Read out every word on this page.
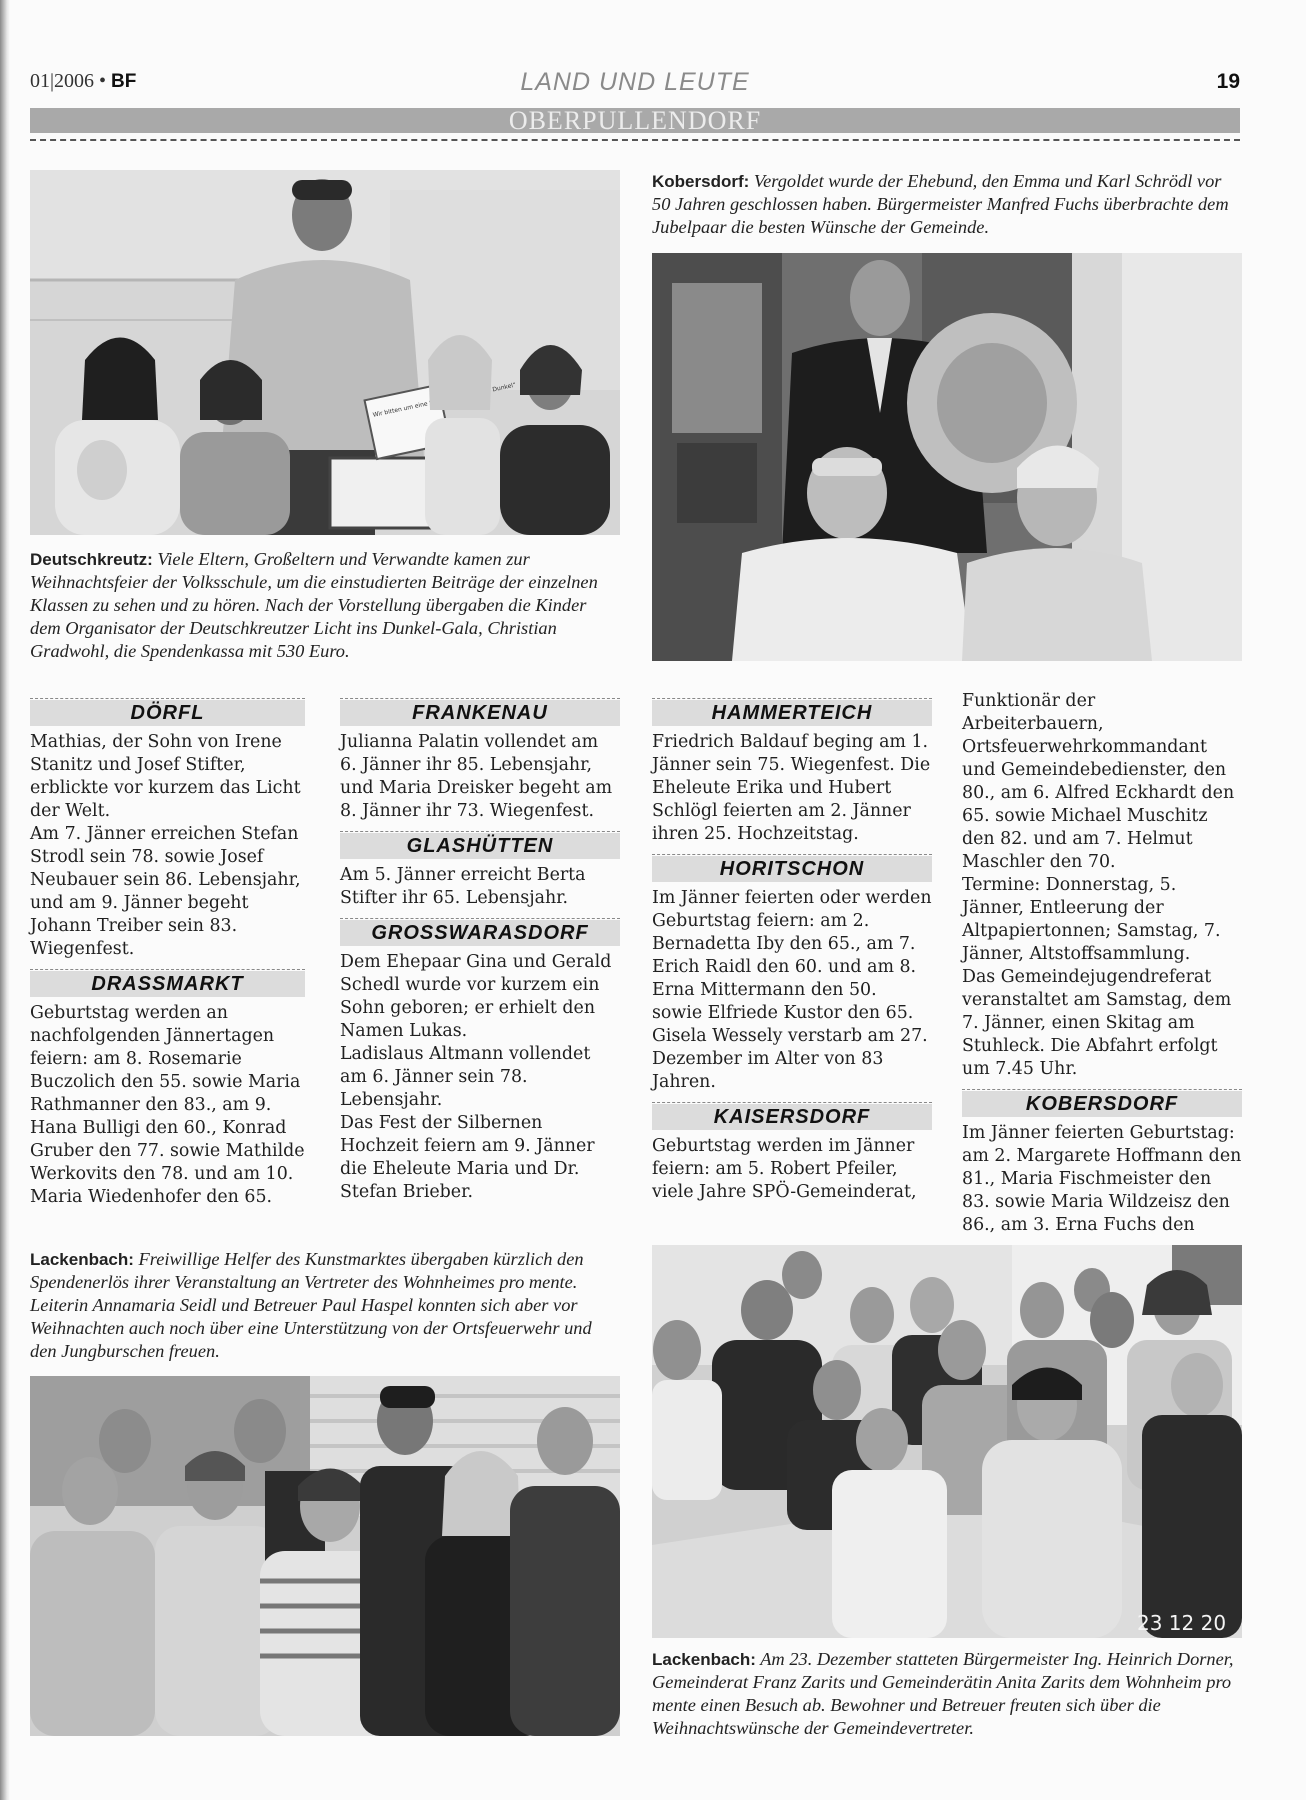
01|2006 • BF	LAND UND LEUTE	19
OBERPULLENDORF
Wir bitten um eine Dunkel“
Kobersdorf: Vergoldet wurde der Ehebund, den Emma und Karl Schrödl vor 50 Jahren geschlossen haben. Bürgermeister Manfred Fuchs überbrachte dem Jubelpaar die besten Wünsche der Gemeinde.
Deutschkreutz: Viele Eltern, Großeltern und Verwandte kamen zur Weihnachtsfeier der Volksschule, um die einstudierten Beiträge der einzelnen Klassen zu sehen und zu hören. Nach der Vorstellung übergaben die Kinder dem Organisator der Deutschkreutzer Licht ins Dunkel-Gala, Christian Gradwohl, die Spendenkassa mit 530 Euro.
DÖRFL

Mathias, der Sohn von Irene Stanitz und Josef Stifter, erblickte vor kurzem das Licht der Welt.
Am 7. Jänner erreichen Stefan Strodl sein 78. sowie Josef Neubauer sein 86. Lebensjahr, und am 9. Jänner begeht Johann Treiber sein 83. Wiegenfest.

DRASSMARKT

Geburtstag werden an nachfolgenden Jännertagen feiern: am 8. Rosemarie Buczolich den 55. sowie Maria Rathmanner den 83., am 9. Hana Bulligi den 60., Konrad Gruber den 77. sowie Mathilde Werkovits den 78. und am 10. Maria Wiedenhofer den 65.

FRANKENAU

Julianna Palatin vollendet am 6. Jänner ihr 85. Lebensjahr, und Maria Dreisker begeht am 8. Jänner ihr 73. Wiegenfest.

GLASHÜTTEN

Am 5. Jänner erreicht Berta Stifter ihr 65. Lebensjahr.

GROSSWARASDORF

Dem Ehepaar Gina und Gerald Schedl wurde vor kurzem ein Sohn geboren; er erhielt den Namen Lukas.
Ladislaus Altmann vollendet am 6. Jänner sein 78. Lebensjahr.
Das Fest der Silbernen Hochzeit feiern am 9. Jänner die Eheleute Maria und Dr. Stefan Brieber.

HAMMERTEICH

Friedrich Baldauf beging am 1. Jänner sein 75. Wiegenfest. Die Eheleute Erika und Hubert Schlögl feierten am 2. Jänner ihren 25. Hochzeitstag.

HORITSCHON

Im Jänner feierten oder werden Geburtstag feiern: am 2. Bernadetta Iby den 65., am 7. Erich Raidl den 60. und am 8. Erna Mittermann den 50. sowie Elfriede Kustor den 65.
Gisela Wessely verstarb am 27. Dezember im Alter von 83 Jahren.

KAISERSDORF

Geburtstag werden im Jänner feiern: am 5. Robert Pfeiler, viele Jahre SPÖ-Gemeinderat,

Funktionär der Arbeiterbauern, Ortsfeuerwehrkommandant und Gemeindebedienster, den 80., am 6. Alfred Eckhardt den 65. sowie Michael Muschitz den 82. und am 7. Helmut Maschler den 70.
Termine: Donnerstag, 5. Jänner, Entleerung der Altpapiertonnen; Samstag, 7. Jänner, Altstoffsammlung.
Das Gemeindejugendreferat veranstaltet am Samstag, dem 7. Jänner, einen Skitag am Stuhleck. Die Abfahrt erfolgt um 7.45 Uhr.

KOBERSDORF

Im Jänner feierten Geburtstag: am 2. Margarete Hoffmann den 81., Maria Fischmeister den 83. sowie Maria Wildzeisz den 86., am 3. Erna Fuchs den

Lackenbach: Freiwillige Helfer des Kunstmarktes übergaben kürzlich den Spendenerlös ihrer Veranstaltung an Vertreter des Wohnheimes pro mente. Leiterin Annamaria Seidl und Betreuer Paul Haspel konnten sich aber vor Weihnachten auch noch über eine Unterstützung von der Ortsfeuerwehr und den Jungburschen freuen.
23 12 20
Lackenbach: Am 23. Dezember statteten Bürgermeister Ing. Heinrich Dorner, Gemeinderat Franz Zarits und Gemeinderätin Anita Zarits dem Wohnheim pro mente einen Besuch ab. Bewohner und Betreuer freuten sich über die Weihnachtswünsche der Gemeindevertreter.
